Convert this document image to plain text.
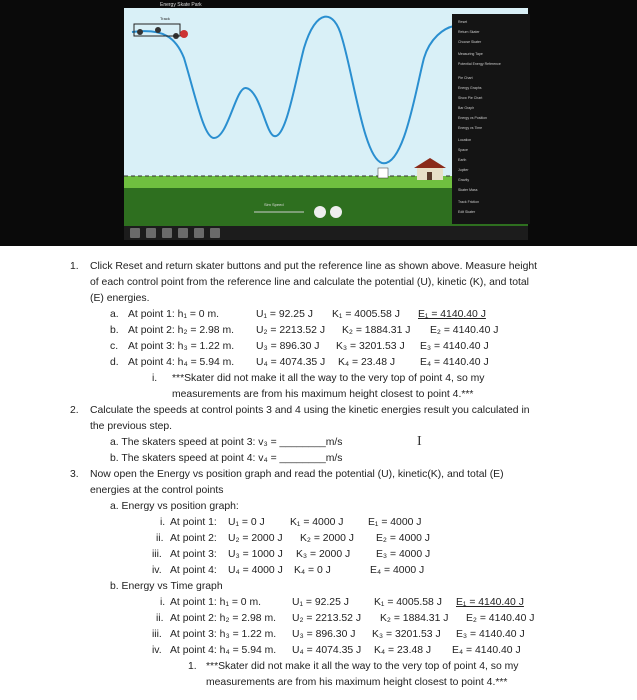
Energy Skate Park
Track
Sim Speed
Reset
Return Skater
Choose Skater
Measuring Tape
Potential Energy Reference
Pie Chart
Energy Graphs
Show Pie Chart
Bar Graph
Energy vs Position
Energy vs Time
Location
Space
Earth
Jupiter
Gravity
Skater Mass
Track Friction
Edit Skater
1. Click Reset and return skater buttons and put the reference line as shown above. Measure height
of each control point from the reference line and calculate the potential (U), kinetic (K), and total
(E) energies.
a. At point 1: h₁ = 0 m.	U₁ = 92.25 J K₁ = 4005.58 J E₁ = 4140.40 J
b. At point 2: h₂ = 2.98 m. U₂ = 2213.52 J K₂ = 1884.31 J E₂ = 4140.40 J
c. At point 3: h₃ = 1.22 m. U₃ = 896.30 J K₃ = 3201.53 J E₃ = 4140.40 J
d. At point 4: h₄ = 5.94 m. U₄ = 4074.35 J K₄ = 23.48 J E₄ = 4140.40 J
i. ***Skater did not make it all the way to the very top of point 4, so my
measurements are from his maximum height closest to point 4.***
2. Calculate the speeds at control points 3 and 4 using the kinetic energies result you calculated in
the previous step.
a. The skaters speed at point 3: v₃ = ________m/s	I
b. The skaters speed at point 4: v₄ = ________m/s
3. Now open the Energy vs position graph and read the potential (U), kinetic(K), and total (E)
energies at the control points
a. Energy vs position graph:
i. At point 1: U₁ = 0 J K₁ = 4000 J E₁ = 4000 J
ii. At point 2: U₂ = 2000 J K₂ = 2000 J E₂ = 4000 J
iii. At point 3: U₃ = 1000 J K₃ = 2000 J E₃ = 4000 J
iv. At point 4: U₄ = 4000 J K₄ = 0 J	E₄ = 4000 J
b. Energy vs Time graph
i. At point 1: h₁ = 0 m.	U₁ = 92.25 J K₁ = 4005.58 J E₁ = 4140.40 J
ii. At point 2: h₂ = 2.98 m. U₂ = 2213.52 J K₂ = 1884.31 J E₂ = 4140.40 J
iii. At point 3: h₃ = 1.22 m. U₃ = 896.30 J K₃ = 3201.53 J E₃ = 4140.40 J
iv. At point 4: h₄ = 5.94 m. U₄ = 4074.35 J K₄ = 23.48 J E₄ = 4140.40 J
1. ***Skater did not make it all the way to the very top of point 4, so my
measurements are from his maximum height closest to point 4.***
